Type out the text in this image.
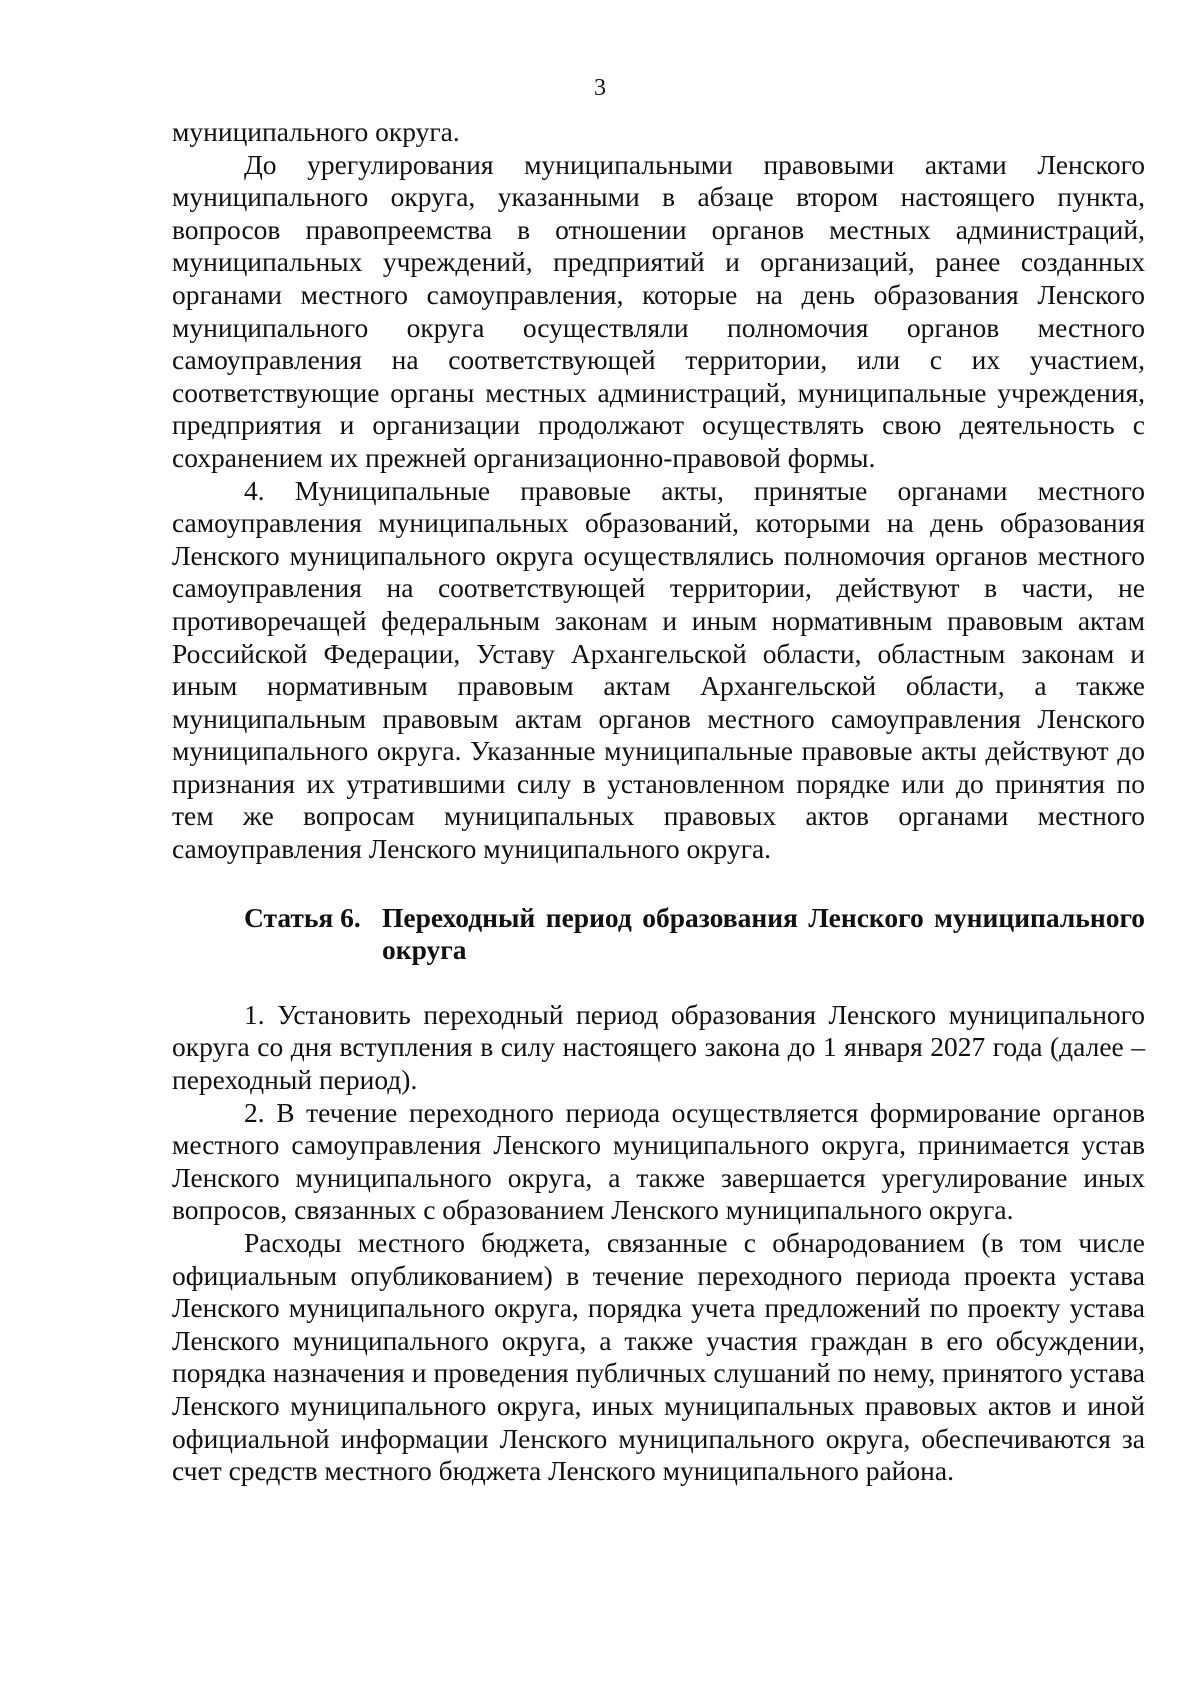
3

муниципального округа.

До урегулирования муниципальными правовыми актами Ленского муниципального округа, указанными в абзаце втором настоящего пункта, вопросов правопреемства в отношении органов местных администраций, муниципальных учреждений, предприятий и организаций, ранее созданных органами местного самоуправления, которые на день образования Ленского муниципального округа осуществляли полномочия органов местного самоуправления на соответствующей территории, или с их участием, соответствующие органы местных администраций, муниципальные учреждения, предприятия и организации продолжают осуществлять свою деятельность с сохранением их прежней организационно-правовой формы.

4. Муниципальные правовые акты, принятые органами местного самоуправления муниципальных образований, которыми на день образования Ленского муниципального округа осуществлялись полномочия органов местного самоуправления на соответствующей территории, действуют в части, не противоречащей федеральным законам и иным нормативным правовым актам Российской Федерации, Уставу Архангельской области, областным законам и иным нормативным правовым актам Архангельской области, а также муниципальным правовым актам органов местного самоуправления Ленского муниципального округа. Указанные муниципальные правовые акты действуют до признания их утратившими силу в установленном порядке или до принятия по тем же вопросам муниципальных правовых актов органами местного самоуправления Ленского муниципального округа.

Статья 6. Переходный период образования Ленского муниципального округа

1. Установить переходный период образования Ленского муниципального округа со дня вступления в силу настоящего закона до 1 января 2027 года (далее – переходный период).

2. В течение переходного периода осуществляется формирование органов местного самоуправления Ленского муниципального округа, принимается устав Ленского муниципального округа, а также завершается урегулирование иных вопросов, связанных с образованием Ленского муниципального округа.

Расходы местного бюджета, связанные с обнародованием (в том числе официальным опубликованием) в течение переходного периода проекта устава Ленского муниципального округа, порядка учета предложений по проекту устава Ленского муниципального округа, а также участия граждан в его обсуждении, порядка назначения и проведения публичных слушаний по нему, принятого устава Ленского муниципального округа, иных муниципальных правовых актов и иной официальной информации Ленского муниципального округа, обеспечиваются за счет средств местного бюджета Ленского муниципального района.
